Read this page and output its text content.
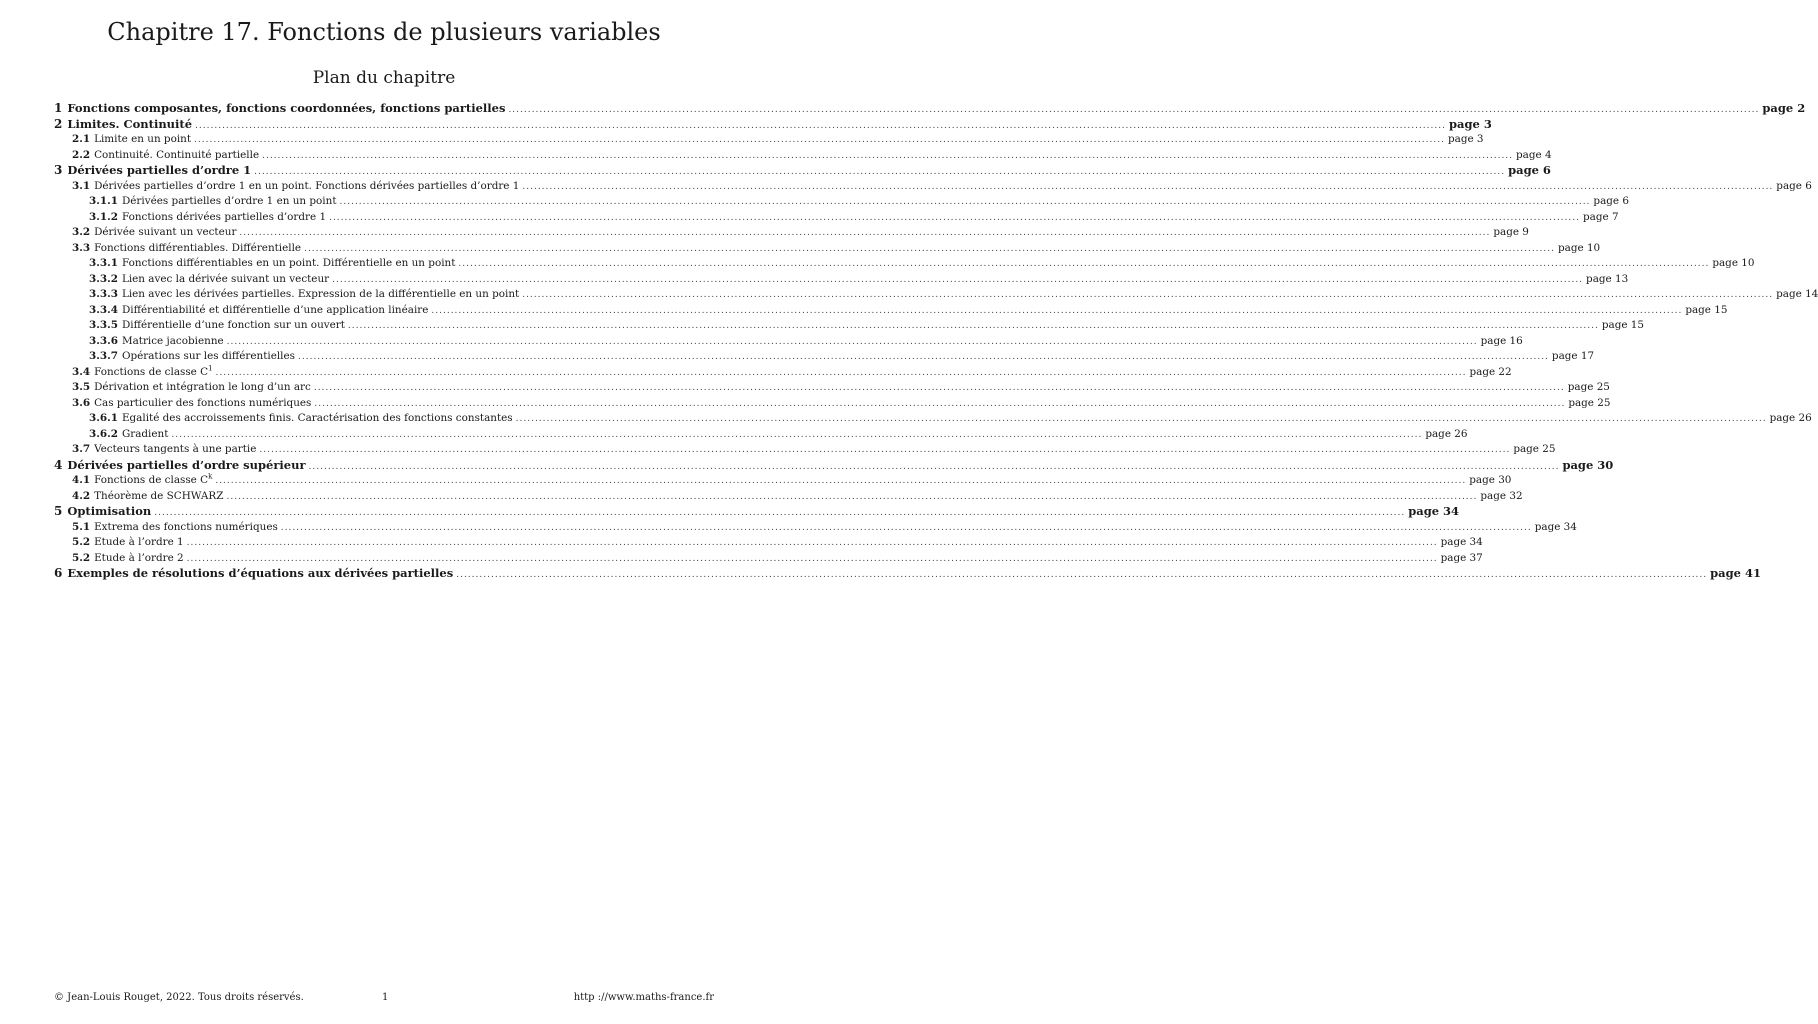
Chapitre 17. Fonctions de plusieurs variables
Plan du chapitre
1 Fonctions composantes, fonctions coordonnées, fonctions partielles .....	page 2
2 Limites. Continuité .....	page 3
2.1 Limite en un point .....	page 3
2.2 Continuité. Continuité partielle .....	page 4
3 Dérivées partielles d’ordre 1 .....	page 6
3.1 Dérivées partielles d’ordre 1 en un point. Fonctions dérivées partielles d’ordre 1 .....	page 6
3.1.1 Dérivées partielles d’ordre 1 en un point .....	page 6
3.1.2 Fonctions dérivées partielles d’ordre 1 .....	page 7
3.2 Dérivée suivant un vecteur .....	page 9
3.3 Fonctions différentiables. Différentielle .....	page 10
3.3.1 Fonctions différentiables en un point. Différentielle en un point .....	page 10
3.3.2 Lien avec la dérivée suivant un vecteur .....	page 13
3.3.3 Lien avec les dérivées partielles. Expression de la différentielle en un point .....	page 14
3.3.4 Différentiabilité et différentielle d’une application linéaire .....	page 15
3.3.5 Différentielle d’une fonction sur un ouvert .....	page 15
3.3.6 Matrice jacobienne .....	page 16
3.3.7 Opérations sur les différentielles .....	page 17
3.4 Fonctions de classe $C^1$ .....	page 22
3.5 Dérivation et intégration le long d’un arc .....	page 25
3.6 Cas particulier des fonctions numériques .....	page 25
3.6.1 Egalité des accroissements finis. Caractérisation des fonctions constantes .....	page 26
3.6.2 Gradient .....	page 26
3.7 Vecteurs tangents à une partie .....	page 25
4 Dérivées partielles d’ordre supérieur .....	page 30
4.1 Fonctions de classe $C^k$ .....	page 30
4.2 Théorème de SCHWARZ .....	page 32
5 Optimisation .....	page 34
5.1 Extrema des fonctions numériques .....	page 34
5.2 Etude à l’ordre 1 .....	page 34
5.2 Etude à l’ordre 2 .....	page 37
6 Exemples de résolutions d’équations aux dérivées partielles .....	page 41
© Jean-Louis Rouget, 2022. Tous droits réservés.	1	http ://www.maths-france.fr
